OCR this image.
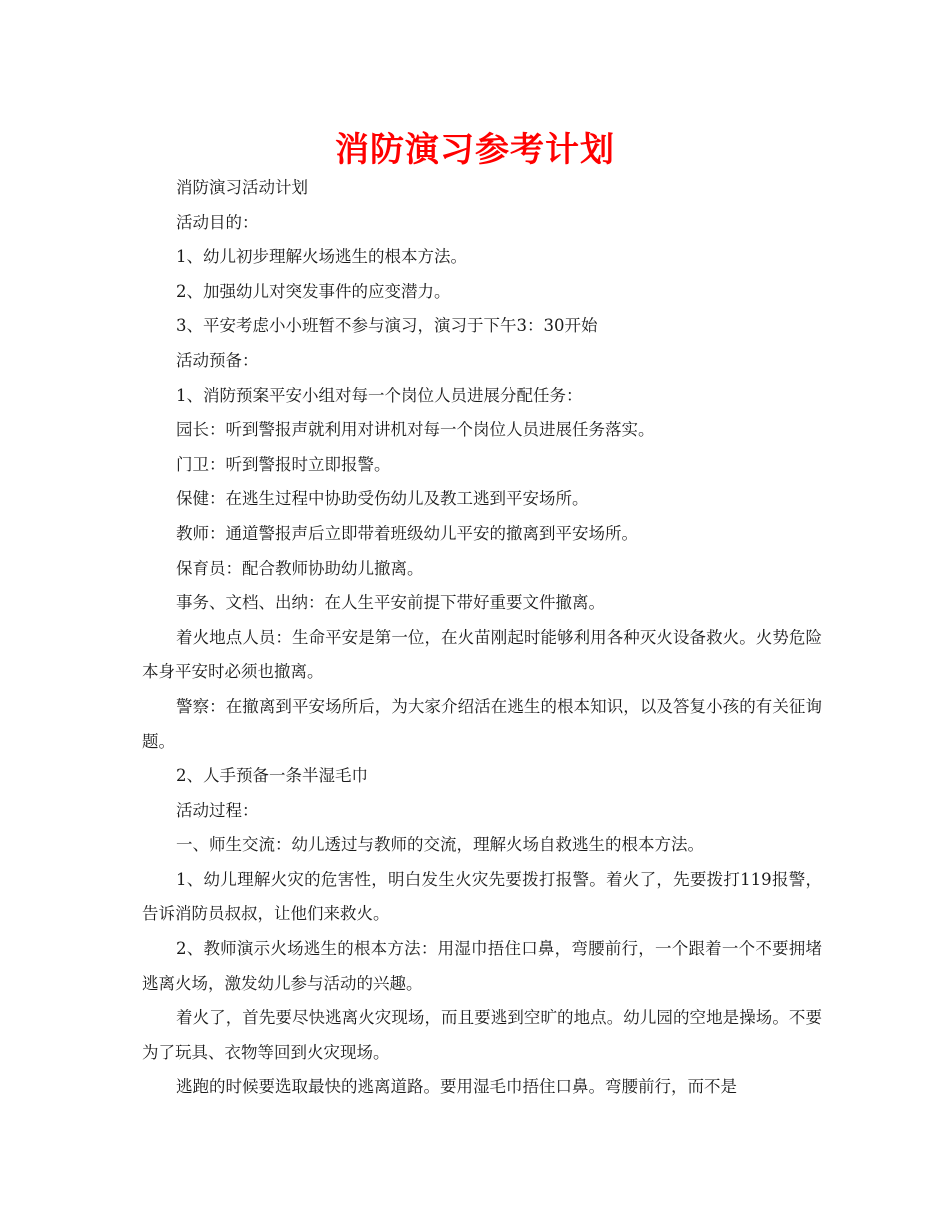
消防演习参考计划

消防演习活动计划

活动目的：

1、幼儿初步理解火场逃生的根本方法。

2、加强幼儿对突发事件的应变潜力。

3、平安考虑小小班暂不参与演习，演习于下午3：30开始

活动预备：

1、消防预案平安小组对每一个岗位人员进展分配任务：

园长：听到警报声就利用对讲机对每一个岗位人员进展任务落实。

门卫：听到警报时立即报警。

保健：在逃生过程中协助受伤幼儿及教工逃到平安场所。

教师：通道警报声后立即带着班级幼儿平安的撤离到平安场所。

保育员：配合教师协助幼儿撤离。

事务、文档、出纳：在人生平安前提下带好重要文件撤离。

着火地点人员：生命平安是第一位，在火苗刚起时能够利用各种灭火设备救火。火势危险本身平安时必须也撤离。

警察：在撤离到平安场所后，为大家介绍活在逃生的根本知识，以及答复小孩的有关征询题。

2、人手预备一条半湿毛巾

活动过程：

一、师生交流：幼儿透过与教师的交流，理解火场自救逃生的根本方法。

1、幼儿理解火灾的危害性，明白发生火灾先要拨打报警。着火了，先要拨打119报警，告诉消防员叔叔，让他们来救火。

2、教师演示火场逃生的根本方法：用湿巾捂住口鼻，弯腰前行，一个跟着一个不要拥堵逃离火场，激发幼儿参与活动的兴趣。

着火了，首先要尽快逃离火灾现场，而且要逃到空旷的地点。幼儿园的空地是操场。不要为了玩具、衣物等回到火灾现场。

逃跑的时候要选取最快的逃离道路。要用湿毛巾捂住口鼻。弯腰前行，而不是
